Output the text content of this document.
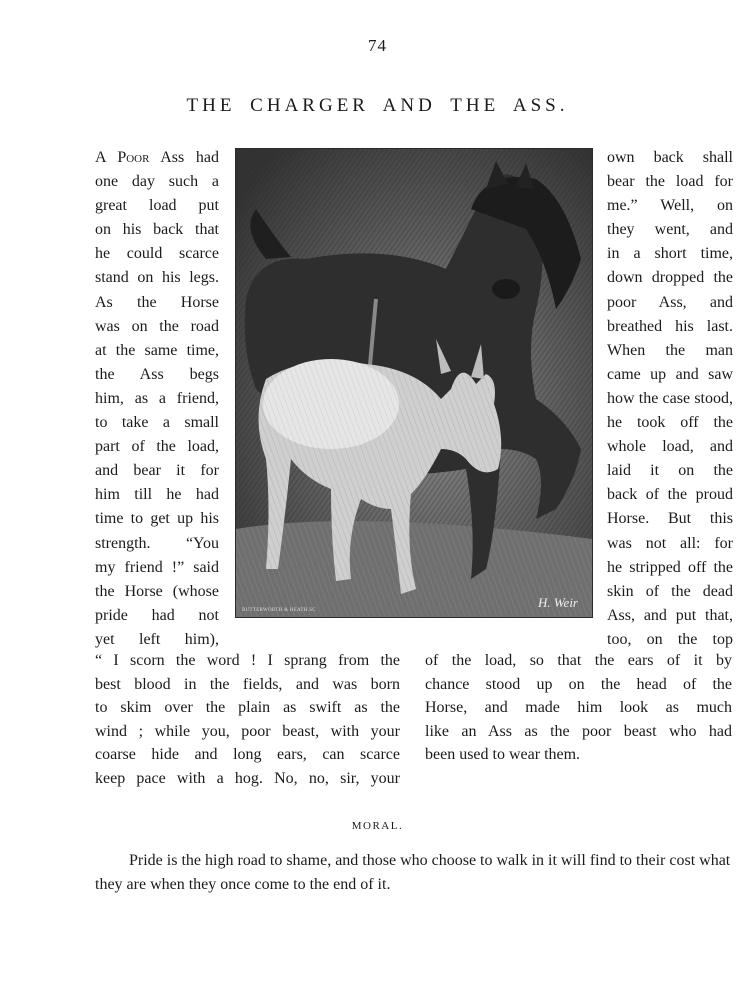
74
THE CHARGER AND THE ASS.
A Poor Ass had
one day such a
great load put
on his back that
he could scarce
stand on his legs.
As the Horse
was on the road
at the same time,
the Ass begs
him, as a friend,
to take a small
part of the load,
and bear it for
him till he had
time to get up his
strength. “You
my friend !” said
the Horse (whose
pride had not
yet left him),
BUTTERWORTH & HEATH SC
H. Weir
own back shall
bear the load for
me.” Well, on
they went, and
in a short time,
down dropped the
poor Ass, and
breathed his last.
When the man
came up and saw
how the case stood,
he took off the
whole load, and
laid it on the
back of the proud
Horse. But this
was not all: for
he stripped off the
skin of the dead
Ass, and put that,
too, on the top
“ I scorn the word ! I sprang from the
best blood in the fields, and was born
to skim over the plain as swift as the
wind ; while you, poor beast, with your
coarse hide and long ears, can scarce
keep pace with a hog. No, no, sir, your
of the load, so that the ears of it by
chance stood up on the head of the
Horse, and made him look as much
like an Ass as the poor beast who had
been used to wear them.
MORAL.
Pride is the high road to shame, and those who choose to walk in it will find to their cost what they are when they once come to the end of it.
